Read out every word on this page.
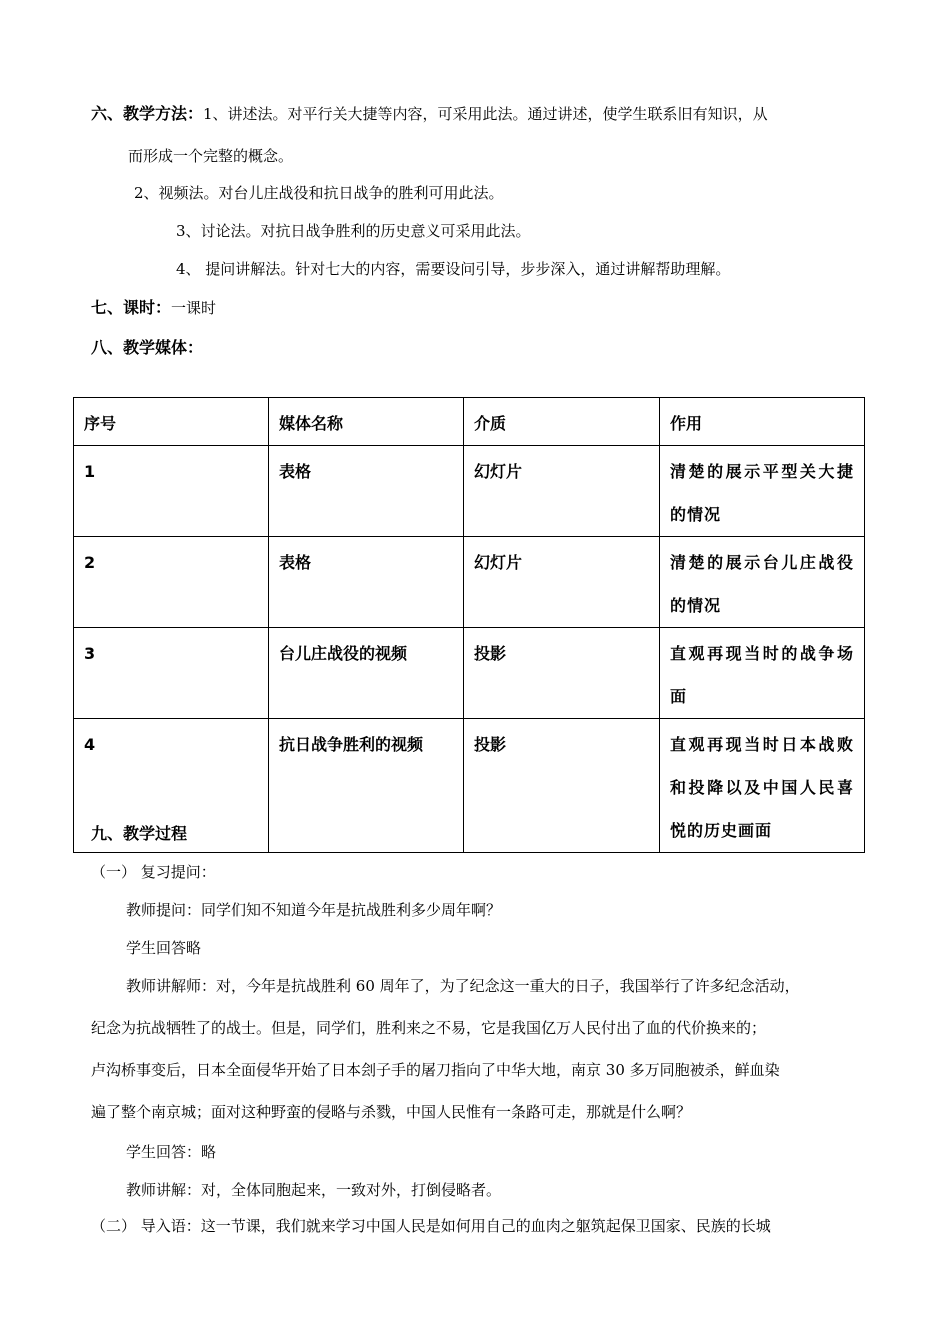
六、教学方法：1、讲述法。对平行关大捷等内容，可采用此法。通过讲述，使学生联系旧有知识，从
而形成一个完整的概念。
2、视频法。对台儿庄战役和抗日战争的胜利可用此法。
3、讨论法。对抗日战争胜利的历史意义可采用此法。
4、 提问讲解法。针对七大的内容，需要设问引导，步步深入，通过讲解帮助理解。
七、课时：一课时
八、教学媒体：
序号	媒体名称	介质	作用
1	表格	幻灯片	清楚的展示平型关大捷的情况
2	表格	幻灯片	清楚的展示台儿庄战役的情况
3	台儿庄战役的视频	投影	直观再现当时的战争场面
4	抗日战争胜利的视频	投影	直观再现当时日本战败和投降以及中国人民喜悦的历史画面
九、教学过程
（一） 复习提问：
教师提问：同学们知不知道今年是抗战胜利多少周年啊？
学生回答略
教师讲解师：对，今年是抗战胜利 60 周年了，为了纪念这一重大的日子，我国举行了许多纪念活动，
纪念为抗战牺牲了的战士。但是，同学们，胜利来之不易，它是我国亿万人民付出了血的代价换来的；
卢沟桥事变后，日本全面侵华开始了日本刽子手的屠刀指向了中华大地，南京 30 多万同胞被杀，鲜血染
遍了整个南京城；面对这种野蛮的侵略与杀戮，中国人民惟有一条路可走，那就是什么啊？
学生回答：略
教师讲解：对，全体同胞起来，一致对外，打倒侵略者。
（二） 导入语：这一节课，我们就来学习中国人民是如何用自己的血肉之躯筑起保卫国家、民族的长城
